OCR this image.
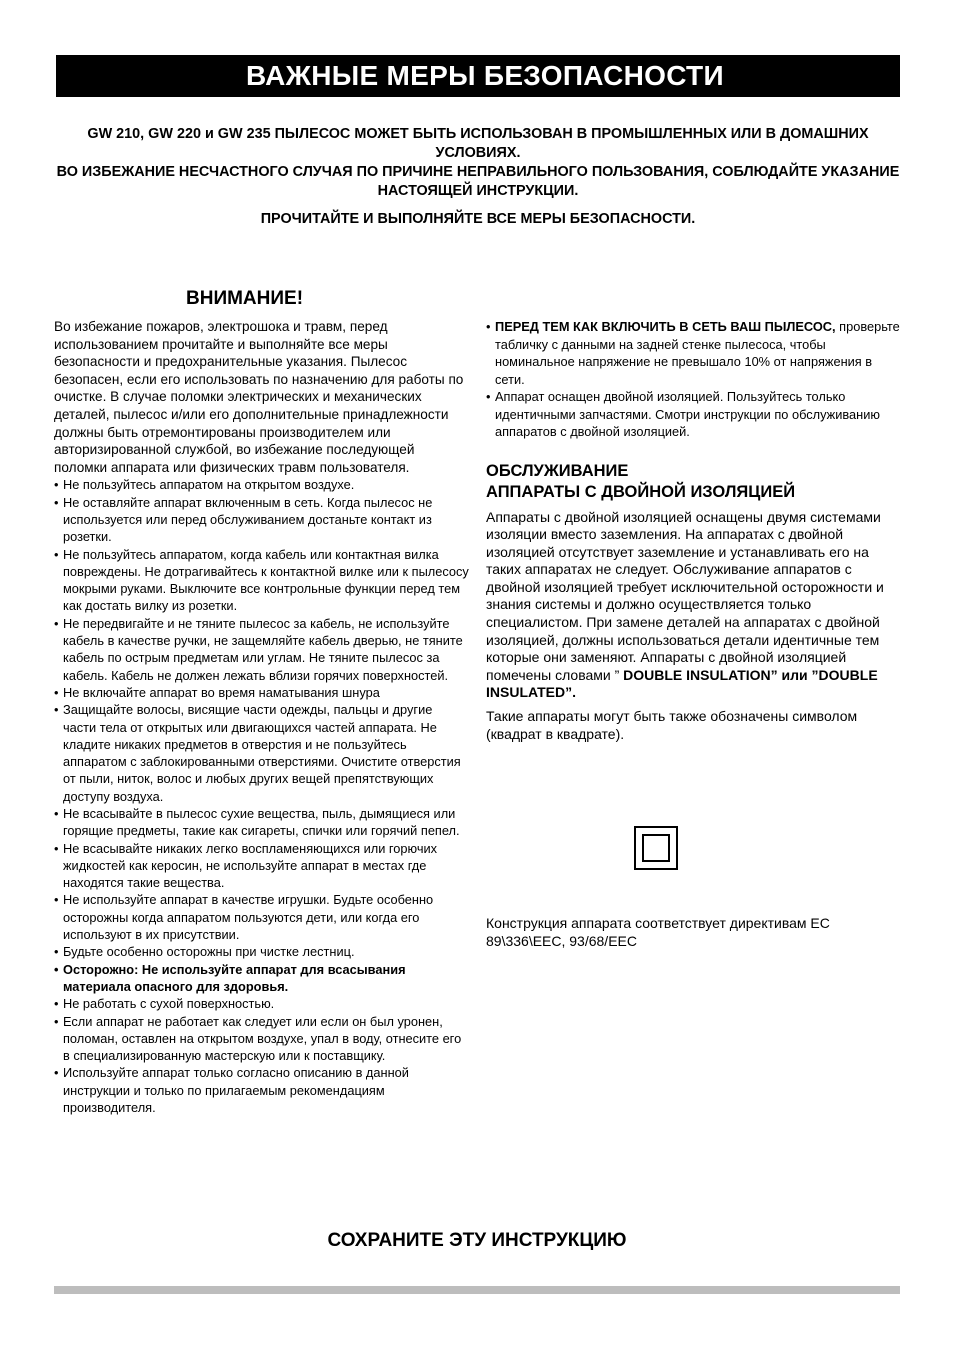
ВАЖНЫЕ МЕРЫ БЕЗОПАСНОСТИ

GW 210, GW 220 и GW 235 ПЫЛЕСОС МОЖЕТ БЫТЬ ИСПОЛЬЗОВАН В ПРОМЫШЛЕННЫХ ИЛИ В ДОМАШНИХ УСЛОВИЯХ.

ВО ИЗБЕЖАНИЕ НЕСЧАСТНОГО СЛУЧАЯ ПО ПРИЧИНЕ НЕПРАВИЛЬНОГО ПОЛЬЗОВАНИЯ, СОБЛЮДАЙТЕ УКАЗАНИЕ НАСТОЯЩЕЙ ИНСТРУКЦИИ.

ПРОЧИТАЙТЕ И ВЫПОЛНЯЙТЕ ВСЕ МЕРЫ БЕЗОПАСНОСТИ.

ВНИМАНИЕ!

Во избежание пожаров, электрошока и травм, перед использованием прочитайте и выполняйте все меры безопасности и предохранительные указания. Пылесос безопасен, если его использовать по назначению для работы по очистке. В случае поломки электрических и механических деталей, пылесос и/или его дополнительные принадлежности должны быть отремонтированы производителем или авторизированной службой, во избежание последующей поломки аппарата или физических травм пользователя.

• Не пользуйтесь аппаратом на открытом воздухе.
• Не оставляйте аппарат включенным в сеть. Когда пылесос не используется или перед обслуживанием достаньте контакт из розетки.
• Не пользуйтесь аппаратом, когда кабель или контактная вилка повреждены. Не дотрагивайтесь к контактной вилке или к пылесосу мокрыми руками. Выключите все контрольные функции перед тем как достать вилку из розетки.
• Не передвигайте и не тяните пылесос за кабель, не используйте кабель в качестве ручки, не защемляйте кабель дверью, не тяните кабель по острым предметам или углам. Не тяните пылесос за кабель. Кабель не должен лежать вблизи горячих поверхностей.
• Не включайте аппарат во время наматывания шнура
• Защищайте волосы, висящие части одежды, пальцы и другие части тела от открытых или двигающихся частей аппарата. Не кладите никаких предметов в отверстия и не пользуйтесь аппаратом с заблокированными отверстиями. Очистите отверстия от пыли, ниток, волос и любых других вещей препятствующих доступу воздуха.
• Не всасывайте в пылесос сухие вещества, пыль, дымящиеся или горящие предметы, такие как сигареты, спички или горячий пепел.
• Не всасывайте никаких легко воспламеняющихся или горючих жидкостей как керосин, не используйте аппарат в местах где находятся такие вещества.
• Не используйте аппарат в качестве игрушки. Будьте особенно осторожны когда аппаратом пользуются дети, или когда его используют в их присутствии.
• Будьте особенно осторожны при чистке лестниц.
• Осторожно: Не используйте аппарат для всасывания материала опасного для здоровья.
• Не работать с сухой поверхностью.
• Если аппарат не работает как следует или если он был уронен, поломан, оставлен на открытом воздухе, упал в воду, отнесите его в специализированную мастерскую или к поставщику.
• Используйте аппарат только согласно описанию в данной инструкции и только по прилагаемым рекомендациям производителя.
• ПЕРЕД ТЕМ КАК ВКЛЮЧИТЬ В СЕТЬ ВАШ ПЫЛЕСОС, проверьте табличку с данными на задней стенке пылесоса, чтобы номинальное напряжение не превышало 10% от напряжения в сети.
• Аппарат оснащен двойной изоляцией. Пользуйтесь только идентичными запчастями. Смотри инструкции по обслуживанию аппаратов с двойной изоляцией.
ОБСЛУЖИВАНИЕ
АППАРАТЫ С ДВОЙНОЙ ИЗОЛЯЦИЕЙ

Аппараты с двойной изоляцией оснащены двумя системами изоляции вместо заземления. На аппаратах с двойной изоляцией отсутствует заземление и устанавливать его на таких аппаратах не следует. Обслуживание аппаратов с двойной изоляцией требует исключительной осторожности и знания системы и должно осуществляется только специалистом. При замене деталей на аппаратах с двойной изоляцией, должны использоваться детали идентичные тем которые они заменяют. Аппараты с двойной изоляцией помечены словами ” DOUBLE INSULATION” или ”DOUBLE INSULATED”.

Такие аппараты могут быть также обозначены символом (квадрат в квадрате).

Конструкция аппарата соответствует директивам ЕС 89\336\EEC, 93/68/EEC

СОХРАНИТЕ ЭТУ ИНСТРУКЦИЮ
